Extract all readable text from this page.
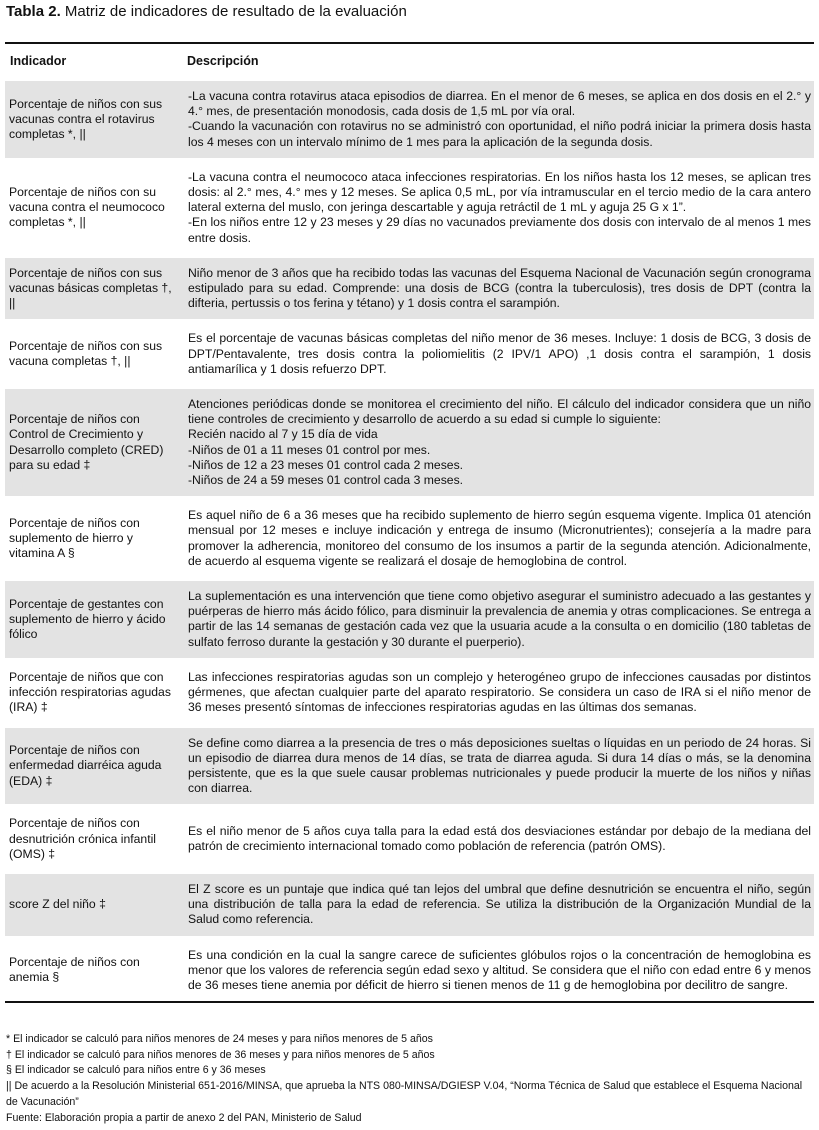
Tabla 2. Matriz de indicadores de resultado de la evaluación
Indicador	Descripción
Porcentaje de niños con sus vacunas contra el rotavirus completas *, ||	-La vacuna contra rotavirus ataca episodios de diarrea. En el menor de 6 meses, se aplica en dos dosis en el 2.° y 4.° mes, de presentación monodosis, cada dosis de 1,5 mL por vía oral.
-Cuando la vacunación con rotavirus no se administró con oportunidad, el niño podrá iniciar la primera dosis hasta los 4 meses con un intervalo mínimo de 1 mes para la aplicación de la segunda dosis.

Porcentaje de niños con su vacuna contra el neumococo completas *, ||	-La vacuna contra el neumococo ataca infecciones respiratorias. En los niños hasta los 12 meses, se aplican tres dosis: al 2.° mes, 4.° mes y 12 meses. Se aplica 0,5 mL, por vía intramuscular en el tercio medio de la cara antero lateral externa del muslo, con jeringa descartable y aguja retráctil de 1 mL y aguja 25 G x 1”.
-En los niños entre 12 y 23 meses y 29 días no vacunados previamente dos dosis con intervalo de al menos 1 mes entre dosis.

Porcentaje de niños con sus vacunas básicas completas †, ||	Niño menor de 3 años que ha recibido todas las vacunas del Esquema Nacional de Vacunación según cronograma estipulado para su edad. Comprende: una dosis de BCG (contra la tuberculosis), tres dosis de DPT (contra la difteria, pertussis o tos ferina y tétano) y 1 dosis contra el sarampión.

Porcentaje de niños con sus vacuna completas †, ||	Es el porcentaje de vacunas básicas completas del niño menor de 36 meses. Incluye: 1 dosis de BCG, 3 dosis de DPT/Pentavalente, tres dosis contra la poliomielitis (2 IPV/1 APO) ,1 dosis contra el sarampión, 1 dosis antiamarílica y 1 dosis refuerzo DPT.

Porcentaje de niños con Control de Crecimiento y Desarrollo completo (CRED) para su edad ‡	Atenciones periódicas donde se monitorea el crecimiento del niño. El cálculo del indicador considera que un niño tiene controles de crecimiento y desarrollo de acuerdo a su edad si cumple lo siguiente:
Recién nacido al 7 y 15 día de vida
-Niños de 01 a 11 meses 01 control por mes.
-Niños de 12 a 23 meses 01 control cada 2 meses.
-Niños de 24 a 59 meses 01 control cada 3 meses.

Porcentaje de niños con suplemento de hierro y vitamina A §	Es aquel niño de 6 a 36 meses que ha recibido suplemento de hierro según esquema vigente. Implica 01 atención mensual por 12 meses e incluye indicación y entrega de insumo (Micronutrientes); consejería a la madre para promover la adherencia, monitoreo del consumo de los insumos a partir de la segunda atención. Adicionalmente, de acuerdo al esquema vigente se realizará el dosaje de hemoglobina de control.

Porcentaje de gestantes con suplemento de hierro y ácido fólico	La suplementación es una intervención que tiene como objetivo asegurar el suministro adecuado a las gestantes y puérperas de hierro más ácido fólico, para disminuir la prevalencia de anemia y otras complicaciones. Se entrega a partir de las 14 semanas de gestación cada vez que la usuaria acude a la consulta o en domicilio (180 tabletas de sulfato ferroso durante la gestación y 30 durante el puerperio).

Porcentaje de niños que con infección respiratorias agudas (IRA) ‡	Las infecciones respiratorias agudas son un complejo y heterogéneo grupo de infecciones causadas por distintos gérmenes, que afectan cualquier parte del aparato respiratorio. Se considera un caso de IRA si el niño menor de 36 meses presentó síntomas de infecciones respiratorias agudas en las últimas dos semanas.

Porcentaje de niños con enfermedad diarréica aguda (EDA) ‡	Se define como diarrea a la presencia de tres o más deposiciones sueltas o líquidas en un periodo de 24 horas. Si un episodio de diarrea dura menos de 14 días, se trata de diarrea aguda. Si dura 14 días o más, se la denomina persistente, que es la que suele causar problemas nutricionales y puede producir la muerte de los niños y niñas con diarrea.

Porcentaje de niños con desnutrición crónica infantil (OMS) ‡	Es el niño menor de 5 años cuya talla para la edad está dos desviaciones estándar por debajo de la mediana del patrón de crecimiento internacional tomado como población de referencia (patrón OMS).

score Z del niño ‡	El Z score es un puntaje que indica qué tan lejos del umbral que define desnutrición se encuentra el niño, según una distribución de talla para la edad de referencia. Se utiliza la distribución de la Organización Mundial de la Salud como referencia.

Porcentaje de niños con anemia §	Es una condición en la cual la sangre carece de suficientes glóbulos rojos o la concentración de hemoglobina es menor que los valores de referencia según edad sexo y altitud. Se considera que el niño con edad entre 6 y menos de 36 meses tiene anemia por déficit de hierro si tienen menos de 11 g de hemoglobina por decilitro de sangre.
* El indicador se calculó para niños menores de 24 meses y para niños menores de 5 años
† El indicador se calculó para niños menores de 36 meses y para niños menores de 5 años
§ El indicador se calculó para niños entre 6 y 36 meses
|| De acuerdo a la Resolución Ministerial 651-2016/MINSA, que aprueba la NTS 080-MINSA/DGIESP V.04, “Norma Técnica de Salud que establece el Esquema Nacional de Vacunación”
Fuente: Elaboración propia a partir de anexo 2 del PAN, Ministerio de Salud
